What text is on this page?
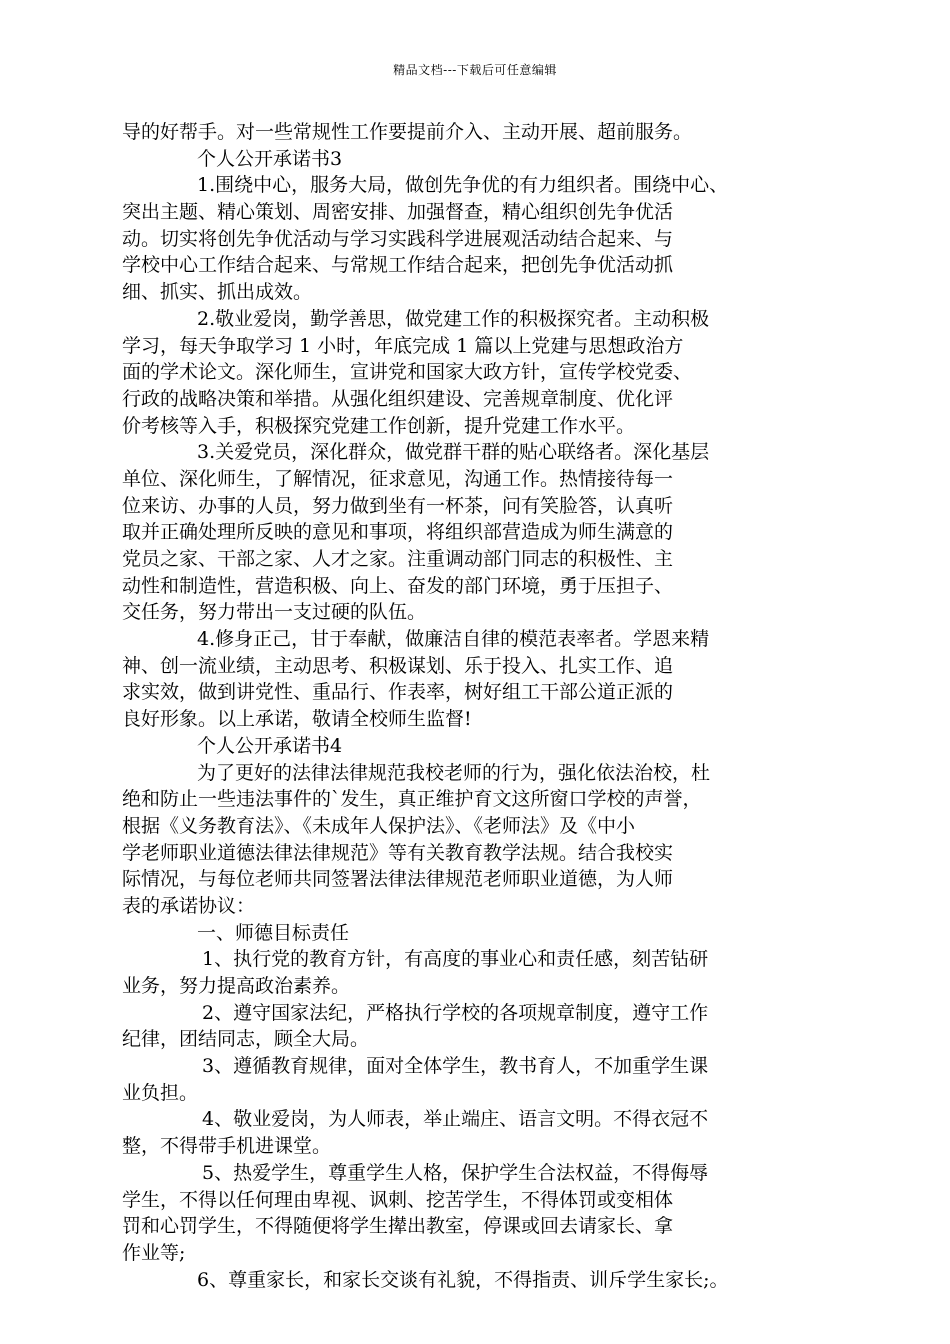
精品文档---下载后可任意编辑
导的好帮手。对一些常规性工作要提前介入、主动开展、超前服务。
个人公开承诺书3
1.围绕中心，服务大局，做创先争优的有力组织者。围绕中心、
突出主题、精心策划、周密安排、加强督查，精心组织创先争优活
动。切实将创先争优活动与学习实践科学进展观活动结合起来、与
学校中心工作结合起来、与常规工作结合起来，把创先争优活动抓
细、抓实、抓出成效。
2.敬业爱岗，勤学善思，做党建工作的积极探究者。主动积极
学习，每天争取学习 1 小时，年底完成 1 篇以上党建与思想政治方
面的学术论文。深化师生，宣讲党和国家大政方针，宣传学校党委、
行政的战略决策和举措。从强化组织建设、完善规章制度、优化评
价考核等入手，积极探究党建工作创新，提升党建工作水平。
3.关爱党员，深化群众，做党群干群的贴心联络者。深化基层
单位、深化师生，了解情况，征求意见，沟通工作。热情接待每一
位来访、办事的人员，努力做到坐有一杯茶，问有笑脸答，认真听
取并正确处理所反映的意见和事项，将组织部营造成为师生满意的
党员之家、干部之家、人才之家。注重调动部门同志的积极性、主
动性和制造性，营造积极、向上、奋发的部门环境，勇于压担子、
交任务，努力带出一支过硬的队伍。
4.修身正己，甘于奉献，做廉洁自律的模范表率者。学恩来精
神、创一流业绩，主动思考、积极谋划、乐于投入、扎实工作、追
求实效，做到讲党性、重品行、作表率，树好组工干部公道正派的
良好形象。以上承诺，敬请全校师生监督!
个人公开承诺书4
为了更好的法律法律规范我校老师的行为，强化依法治校，杜
绝和防止一些违法事件的`发生，真正维护育文这所窗口学校的声誉，
根据《义务教育法》、《未成年人保护法》、《老师法》及《中小
学老师职业道德法律法律规范》等有关教育教学法规。结合我校实
际情况，与每位老师共同签署法律法律规范老师职业道德，为人师
表的承诺协议：
一、师德目标责任
1、执行党的教育方针，有高度的事业心和责任感，刻苦钻研
业务，努力提高政治素养。
2、遵守国家法纪，严格执行学校的各项规章制度，遵守工作
纪律，团结同志，顾全大局。
3、遵循教育规律，面对全体学生，教书育人，不加重学生课
业负担。
4、敬业爱岗，为人师表，举止端庄、语言文明。不得衣冠不
整，不得带手机进课堂。
5、热爱学生，尊重学生人格，保护学生合法权益，不得侮辱
学生，不得以任何理由卑视、讽刺、挖苦学生，不得体罚或变相体
罚和心罚学生，不得随便将学生撵出教室，停课或回去请家长、拿
作业等;
6、尊重家长，和家长交谈有礼貌，不得指责、训斥学生家长;。
